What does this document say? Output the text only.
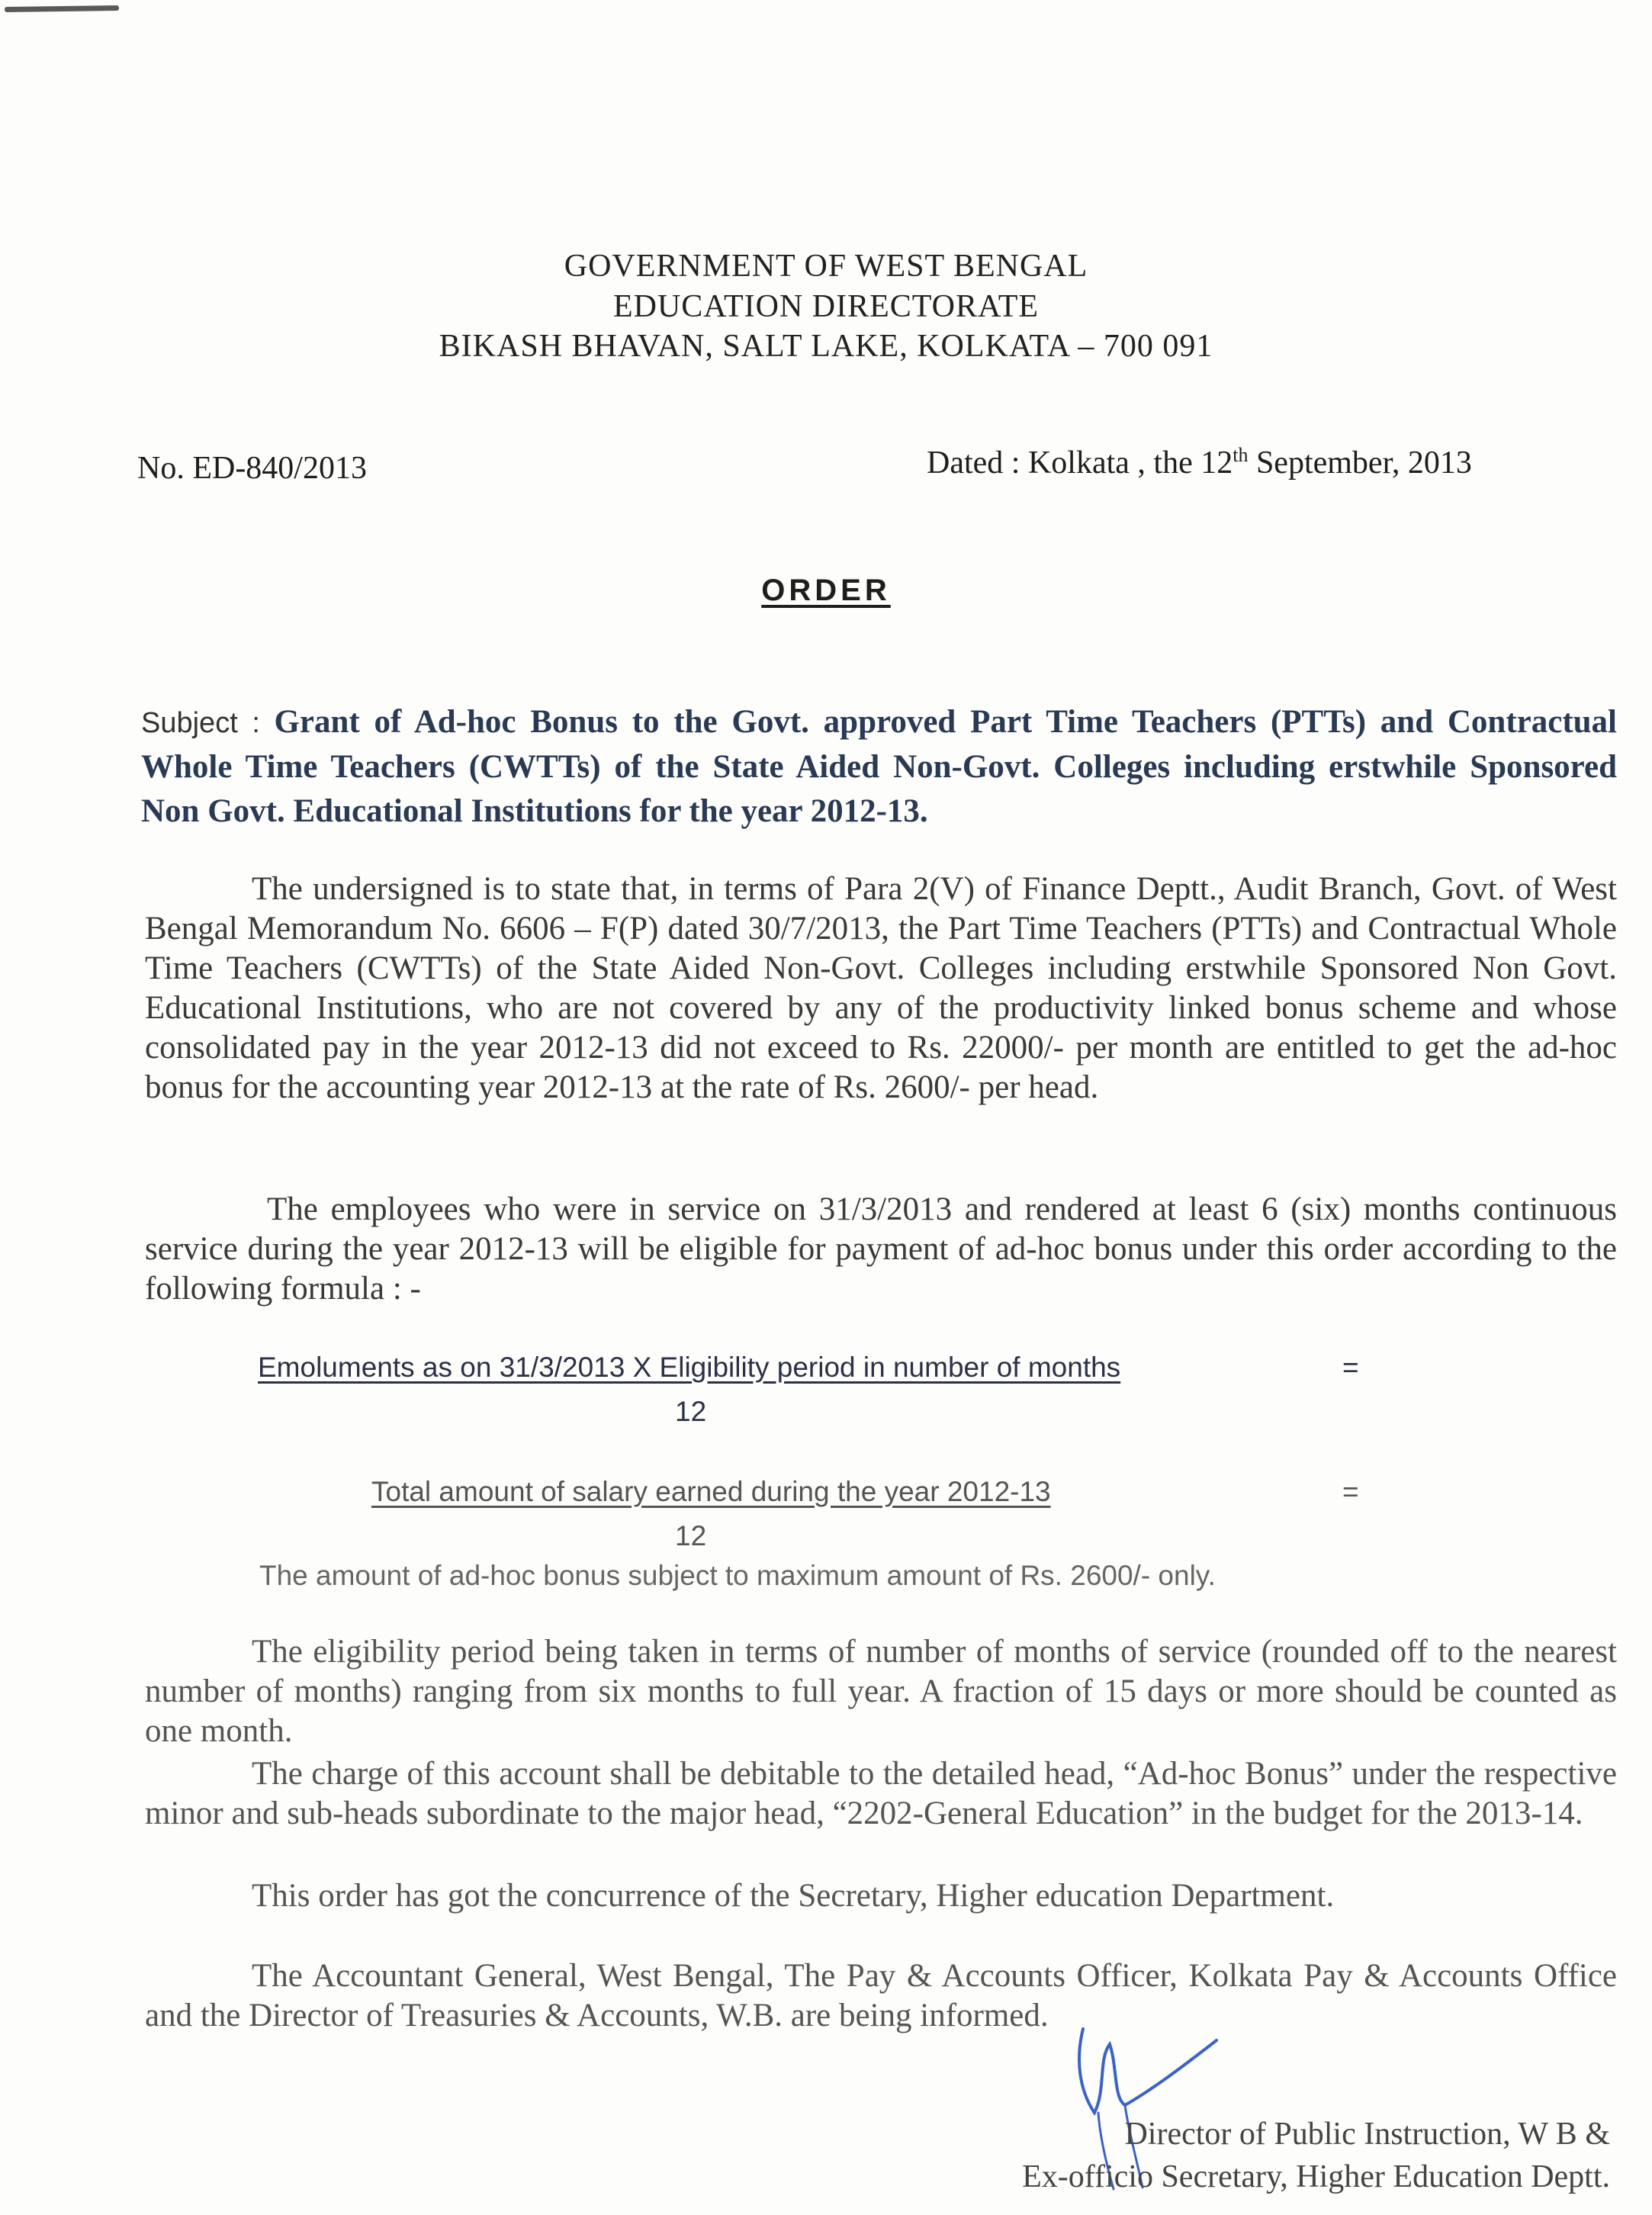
GOVERNMENT OF WEST BENGAL
EDUCATION DIRECTORATE
BIKASH BHAVAN, SALT LAKE, KOLKATA – 700 091
No. ED-840/2013	Dated : Kolkata , the 12th September, 2013
ORDER
Subject : Grant of Ad-hoc Bonus to the Govt. approved Part Time Teachers (PTTs) and Contractual Whole Time Teachers (CWTTs) of the State Aided Non-Govt. Colleges including erstwhile Sponsored Non Govt. Educational Institutions for the year 2012-13.
The undersigned is to state that, in terms of Para 2(V) of Finance Deptt., Audit Branch, Govt. of West Bengal Memorandum No. 6606 – F(P) dated 30/7/2013, the Part Time Teachers (PTTs) and Contractual Whole Time Teachers (CWTTs) of the State Aided Non-Govt. Colleges including erstwhile Sponsored Non Govt. Educational Institutions, who are not covered by any of the productivity linked bonus scheme and whose consolidated pay in the year 2012-13 did not exceed to Rs. 22000/- per month are entitled to get the ad-hoc bonus for the accounting year 2012-13 at the rate of Rs. 2600/- per head.
The employees who were in service on 31/3/2013 and rendered at least 6 (six) months continuous service during the year 2012-13 will be eligible for payment of ad-hoc bonus under this order according to the following formula : -
Emoluments as on 31/3/2013 X Eligibility period in number of months
12
=
Total amount of salary earned during the year 2012-13
12
=
The amount of ad-hoc bonus subject to maximum amount of Rs. 2600/- only.
The eligibility period being taken in terms of number of months of service (rounded off to the nearest number of months) ranging from six months to full year. A fraction of 15 days or more should be counted as one month.
The charge of this account shall be debitable to the detailed head, “Ad-hoc Bonus” under the respective minor and sub-heads subordinate to the major head, “2202-General Education” in the budget for the 2013-14.
This order has got the concurrence of the Secretary, Higher education Department.
The Accountant General, West Bengal, The Pay & Accounts Officer, Kolkata Pay & Accounts Office and the Director of Treasuries & Accounts, W.B. are being informed.
Director of Public Instruction, W B &
Ex-officio Secretary, Higher Education Deptt.
